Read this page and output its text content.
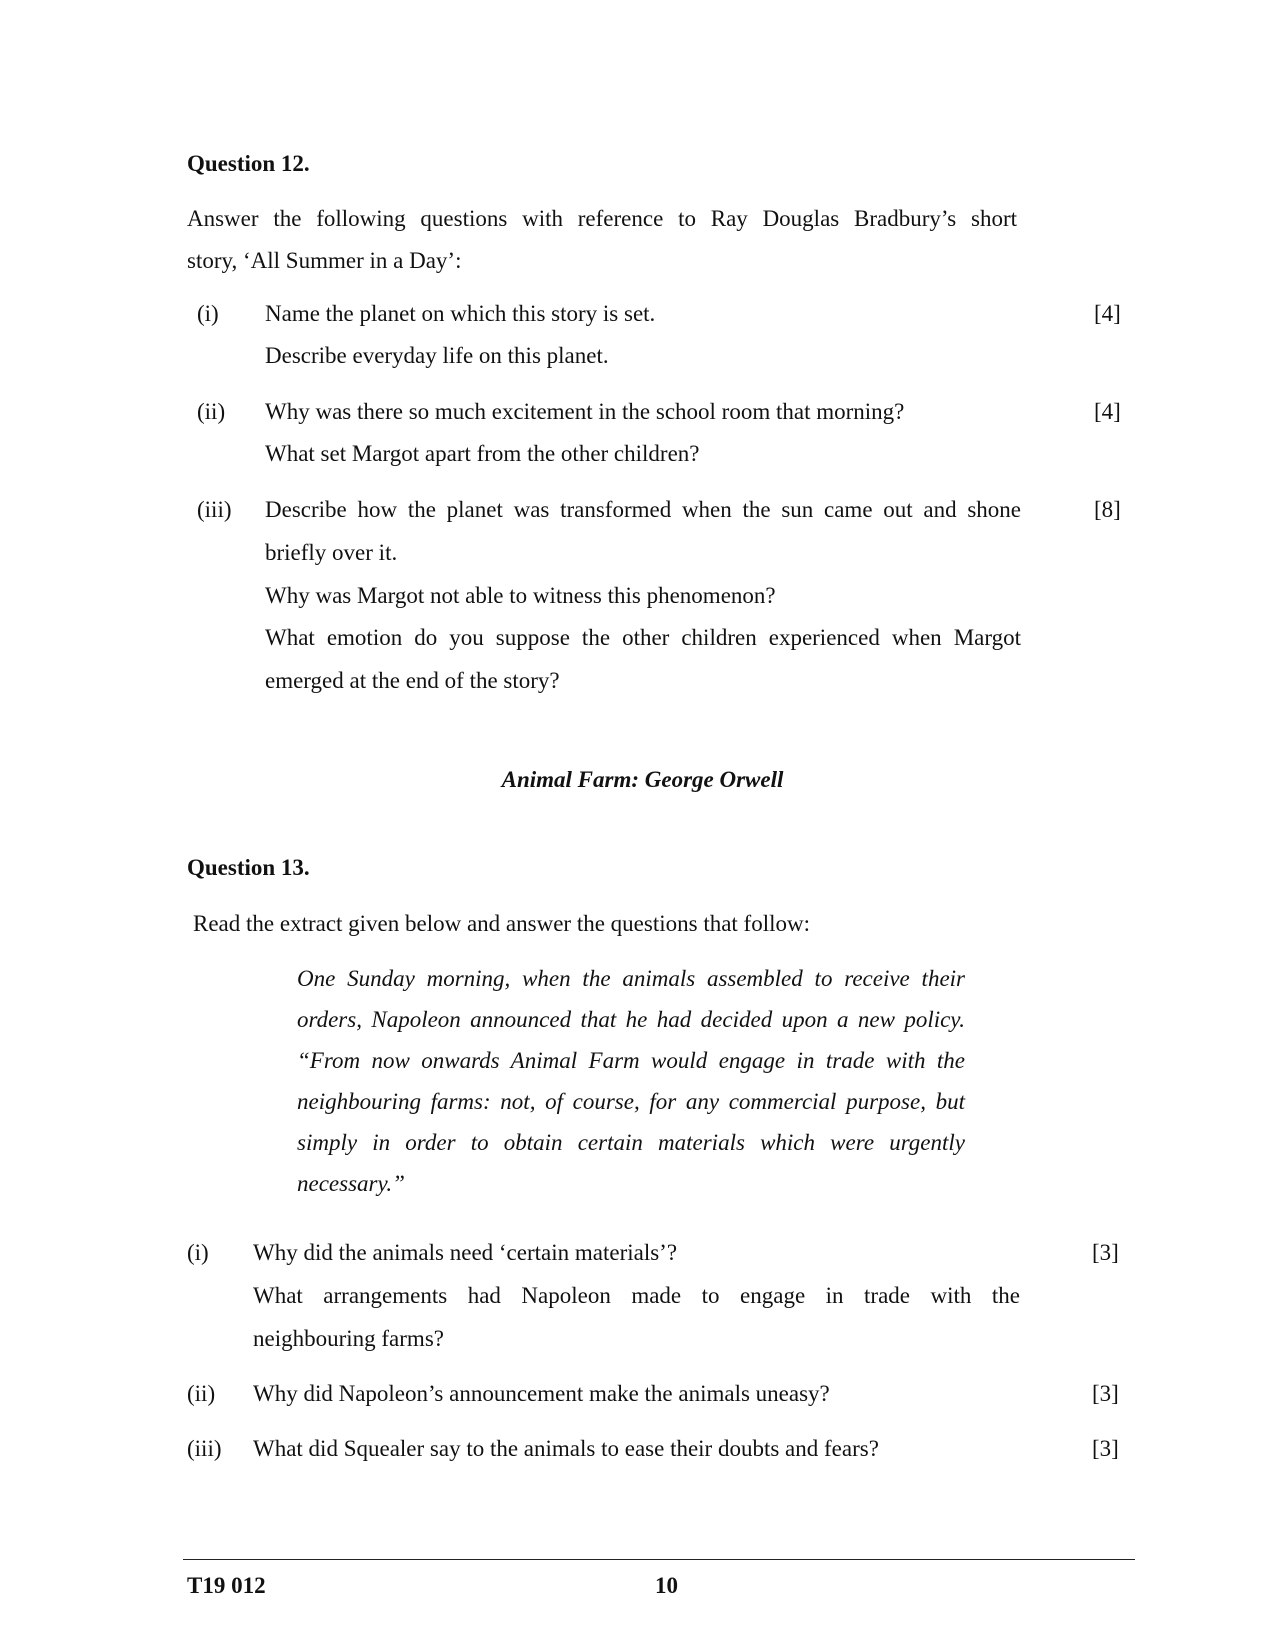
Question 12.
Answer the following questions with reference to Ray Douglas Bradbury’s short
story, ‘All Summer in a Day’:
(i) Name the planet on which this story is set.
Describe everyday life on this planet.
[4]
(ii) Why was there so much excitement in the school room that morning?
What set Margot apart from the other children?
[4]
(iii) Describe how the planet was transformed when the sun came out and shone
briefly over it.
Why was Margot not able to witness this phenomenon?
What emotion do you suppose the other children experienced when Margot
emerged at the end of the story?
[8]
Animal Farm: George Orwell
Question 13.
Read the extract given below and answer the questions that follow:
One Sunday morning, when the animals assembled to receive their
orders, Napoleon announced that he had decided upon a new policy.
“From now onwards Animal Farm would engage in trade with the
neighbouring farms: not, of course, for any commercial purpose, but
simply in order to obtain certain materials which were urgently
necessary.”
(i) Why did the animals need ‘certain materials’?
What arrangements had Napoleon made to engage in trade with the
neighbouring farms?
[3]
(ii) Why did Napoleon’s announcement make the animals uneasy?	[3]
(iii) What did Squealer say to the animals to ease their doubts and fears?	[3]
T19 012	10
